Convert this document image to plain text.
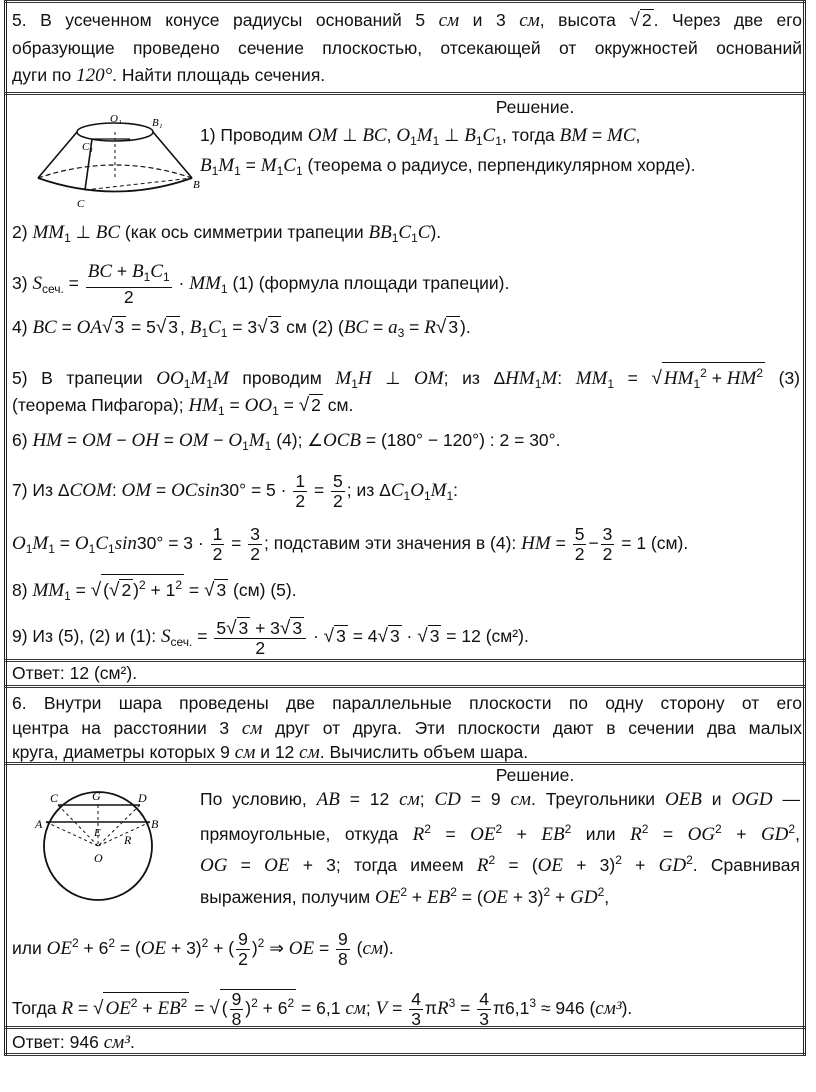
5. В усеченном конусе радиусы оснований 5 см и 3 см, высота √ 2 . Через две его
образующие проведено сечение плоскостью, отсекающей от окружностей оснований
дуги по 120°. Найти площадь сечения.
Решение.
O₁	B₁
C₁
B
C
1) Проводим OM ⊥ BC, $O_1M_1$ ⊥ $B_1C_1$, тогда BM = MC,
$B_1M_1 = M_1C_1$ (теорема о радиусе, перпендикулярном хорде).
2) $MM_1$ ⊥ BC (как ось симметрии трапеции $BB_1C_1C$).
3) $S_{сеч.} = \frac{BC + B_1C_1}{2} \cdot MM_1$ (1) (формула площади трапеции).
4) BC = OA√ 3 = 5√ 3 , $B_1C_1 = 3√$ 3 см (2) ($BC = a_3 = R√$ 3 ).
5) В трапеции $OO_1M_1M$ проводим $M_1H$ ⊥ OM; из $\Delta HM_1M$: $MM_1$ = √ $HM_1^2 + HM^2$ (3)
(теорема Пифагора); $HM_1 = OO_1$ = √ 2 см.
6) HM = OM − OH = OM − $O_1M_1$ (4); ∠OCB = (180° − 120°) : 2 = 30°.
7) Из ΔCOM: OM = $OCsin30^\circ = 5 \cdot \frac{1}{2} = \frac{5}{2}$ ; из $\Delta C_1O_1M_1$:
$O_1M_1 = O_1C_1\sin 30^\circ = 3 \cdot \frac{1}{2} = \frac{3}{2}$ ; подставим эти значения в (4): HM = $\frac{5}{2} - \frac{3}{2} = 1$ (см).
8) $MM_1$ = √ (√ 2 )$^2 + 1^2$ = √ 3 (см) (5).
9) Из (5), (2) и (1): $S_{сеч.} = \frac{5√ 3 + 3√ 3}{2}$ · √ 3 = 4√ 3 · √ 3 = 12 (см²).
Ответ: 12 (см²).
6. Внутри шара проведены две параллельные плоскости по одну сторону от его
центра на расстоянии 3 см друг от друга. Эти плоскости дают в сечении два малых
круга, диаметры которых 9 см и 12 см. Вычислить объем шара.
Решение.
C	G	D
A	B
E R
O
По условию, AB = 12 см; CD = 9 см. Треугольники OEB и OGD —
прямоугольные, откуда $R^2 = OE^2 + EB^2$ или $R^2 = OG^2 + GD^2$,
OG = OE + 3; тогда имеем $R^2 = (OE + 3)^2 + GD^2$. Сравнивая
выражения, получим $OE^2 + EB^2 = (OE + 3)^2 + GD^2$,
или $OE^2 + 6^2 = (OE + 3)^2$ + ( $\frac{9}{2} )^2$ ⇒ OE = $\frac{9}{8} (см)$.
Тогда R = √ $OE^2 + EB^2$ = √ ( $\frac{9}{8} )^2 + 6^2 = 6,1$ см; $V = \frac{4}{3} \pi R^3 = \frac{4}{3} \pi 6,1^3 \approx 946$ (см³).
Ответ: 946 см³.
